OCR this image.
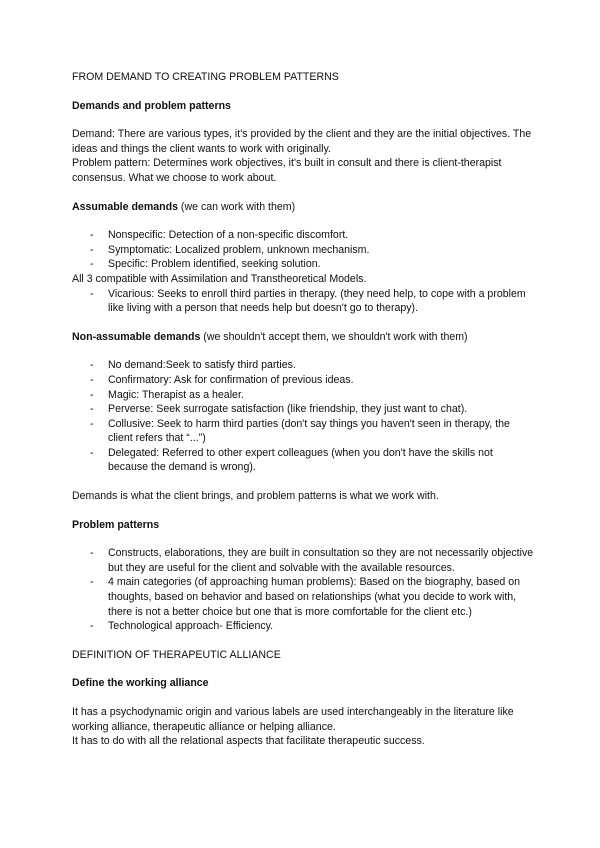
FROM DEMAND TO CREATING PROBLEM PATTERNS

Demands and problem patterns

Demand: There are various types, it's provided by the client and they are the initial objectives. The ideas and things the client wants to work with originally.

Problem pattern: Determines work objectives, it's built in consult and there is client-therapist consensus. What we choose to work about.

Assumable demands (we can work with them)

- Nonspecific: Detection of a non-specific discomfort.
- Symptomatic: Localized problem, unknown mechanism.
- Specific: Problem identified, seeking solution.

All 3 compatible with Assimilation and Transtheoretical Models.

- Vicarious: Seeks to enroll third parties in therapy. (they need help, to cope with a problem like living with a person that needs help but doesn't go to therapy).

Non-assumable demands (we shouldn't accept them, we shouldn't work with them)

- No demand:Seek to satisfy third parties.
- Confirmatory: Ask for confirmation of previous ideas.
- Magic: Therapist as a healer.
- Perverse: Seek surrogate satisfaction (like friendship, they just want to chat).
- Collusive: Seek to harm third parties (don't say things you haven't seen in therapy, the client refers that “...”)
- Delegated: Referred to other expert colleagues (when you don't have the skills not because the demand is wrong).

Demands is what the client brings, and problem patterns is what we work with.

Problem patterns

- Constructs, elaborations, they are built in consultation so they are not necessarily objective but they are useful for the client and solvable with the available resources.
- 4 main categories (of approaching human problems): Based on the biography, based on thoughts, based on behavior and based on relationships (what you decide to work with, there is not a better choice but one that is more comfortable for the client etc.)
- Technological approach- Efficiency.

DEFINITION OF THERAPEUTIC ALLIANCE

Define the working alliance

It has a psychodynamic origin and various labels are used interchangeably in the literature like working alliance, therapeutic alliance or helping alliance.

It has to do with all the relational aspects that facilitate therapeutic success.
